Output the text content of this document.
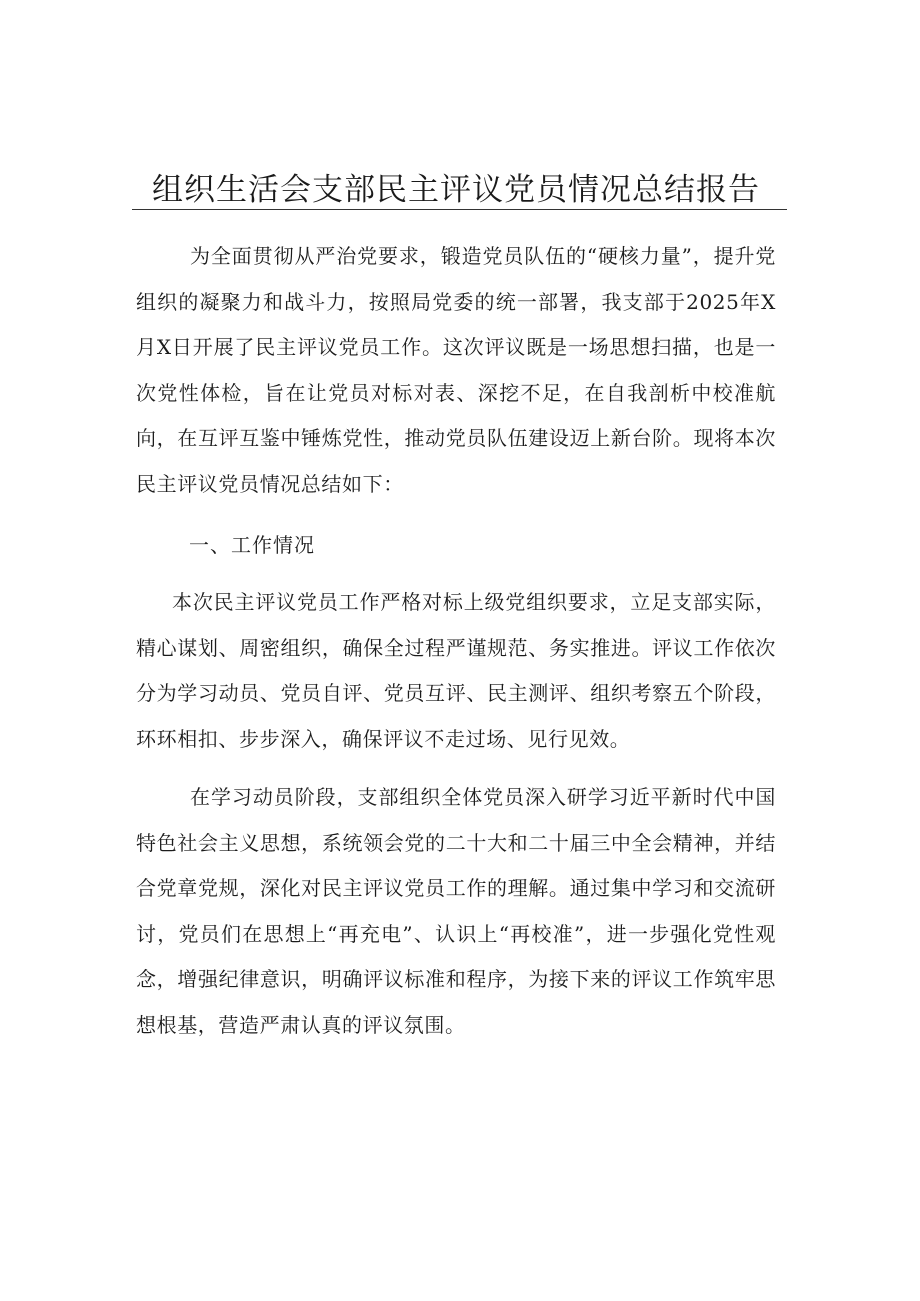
组织生活会支部民主评议党员情况总结报告

为全面贯彻从严治党要求，锻造党员队伍的“硬核力量”，提升党组织的凝聚力和战斗力，按照局党委的统一部署，我支部于2025年X月X日开展了民主评议党员工作。这次评议既是一场思想扫描，也是一次党性体检，旨在让党员对标对表、深挖不足，在自我剖析中校准航向，在互评互鉴中锤炼党性，推动党员队伍建设迈上新台阶。现将本次民主评议党员情况总结如下：

一、工作情况

本次民主评议党员工作严格对标上级党组织要求，立足支部实际，精心谋划、周密组织，确保全过程严谨规范、务实推进。评议工作依次分为学习动员、党员自评、党员互评、民主测评、组织考察五个阶段，环环相扣、步步深入，确保评议不走过场、见行见效。

在学习动员阶段，支部组织全体党员深入研学习近平新时代中国特色社会主义思想，系统领会党的二十大和二十届三中全会精神，并结合党章党规，深化对民主评议党员工作的理解。通过集中学习和交流研讨，党员们在思想上“再充电”、认识上“再校准”，进一步强化党性观念，增强纪律意识，明确评议标准和程序，为接下来的评议工作筑牢思想根基，营造严肃认真的评议氛围。
